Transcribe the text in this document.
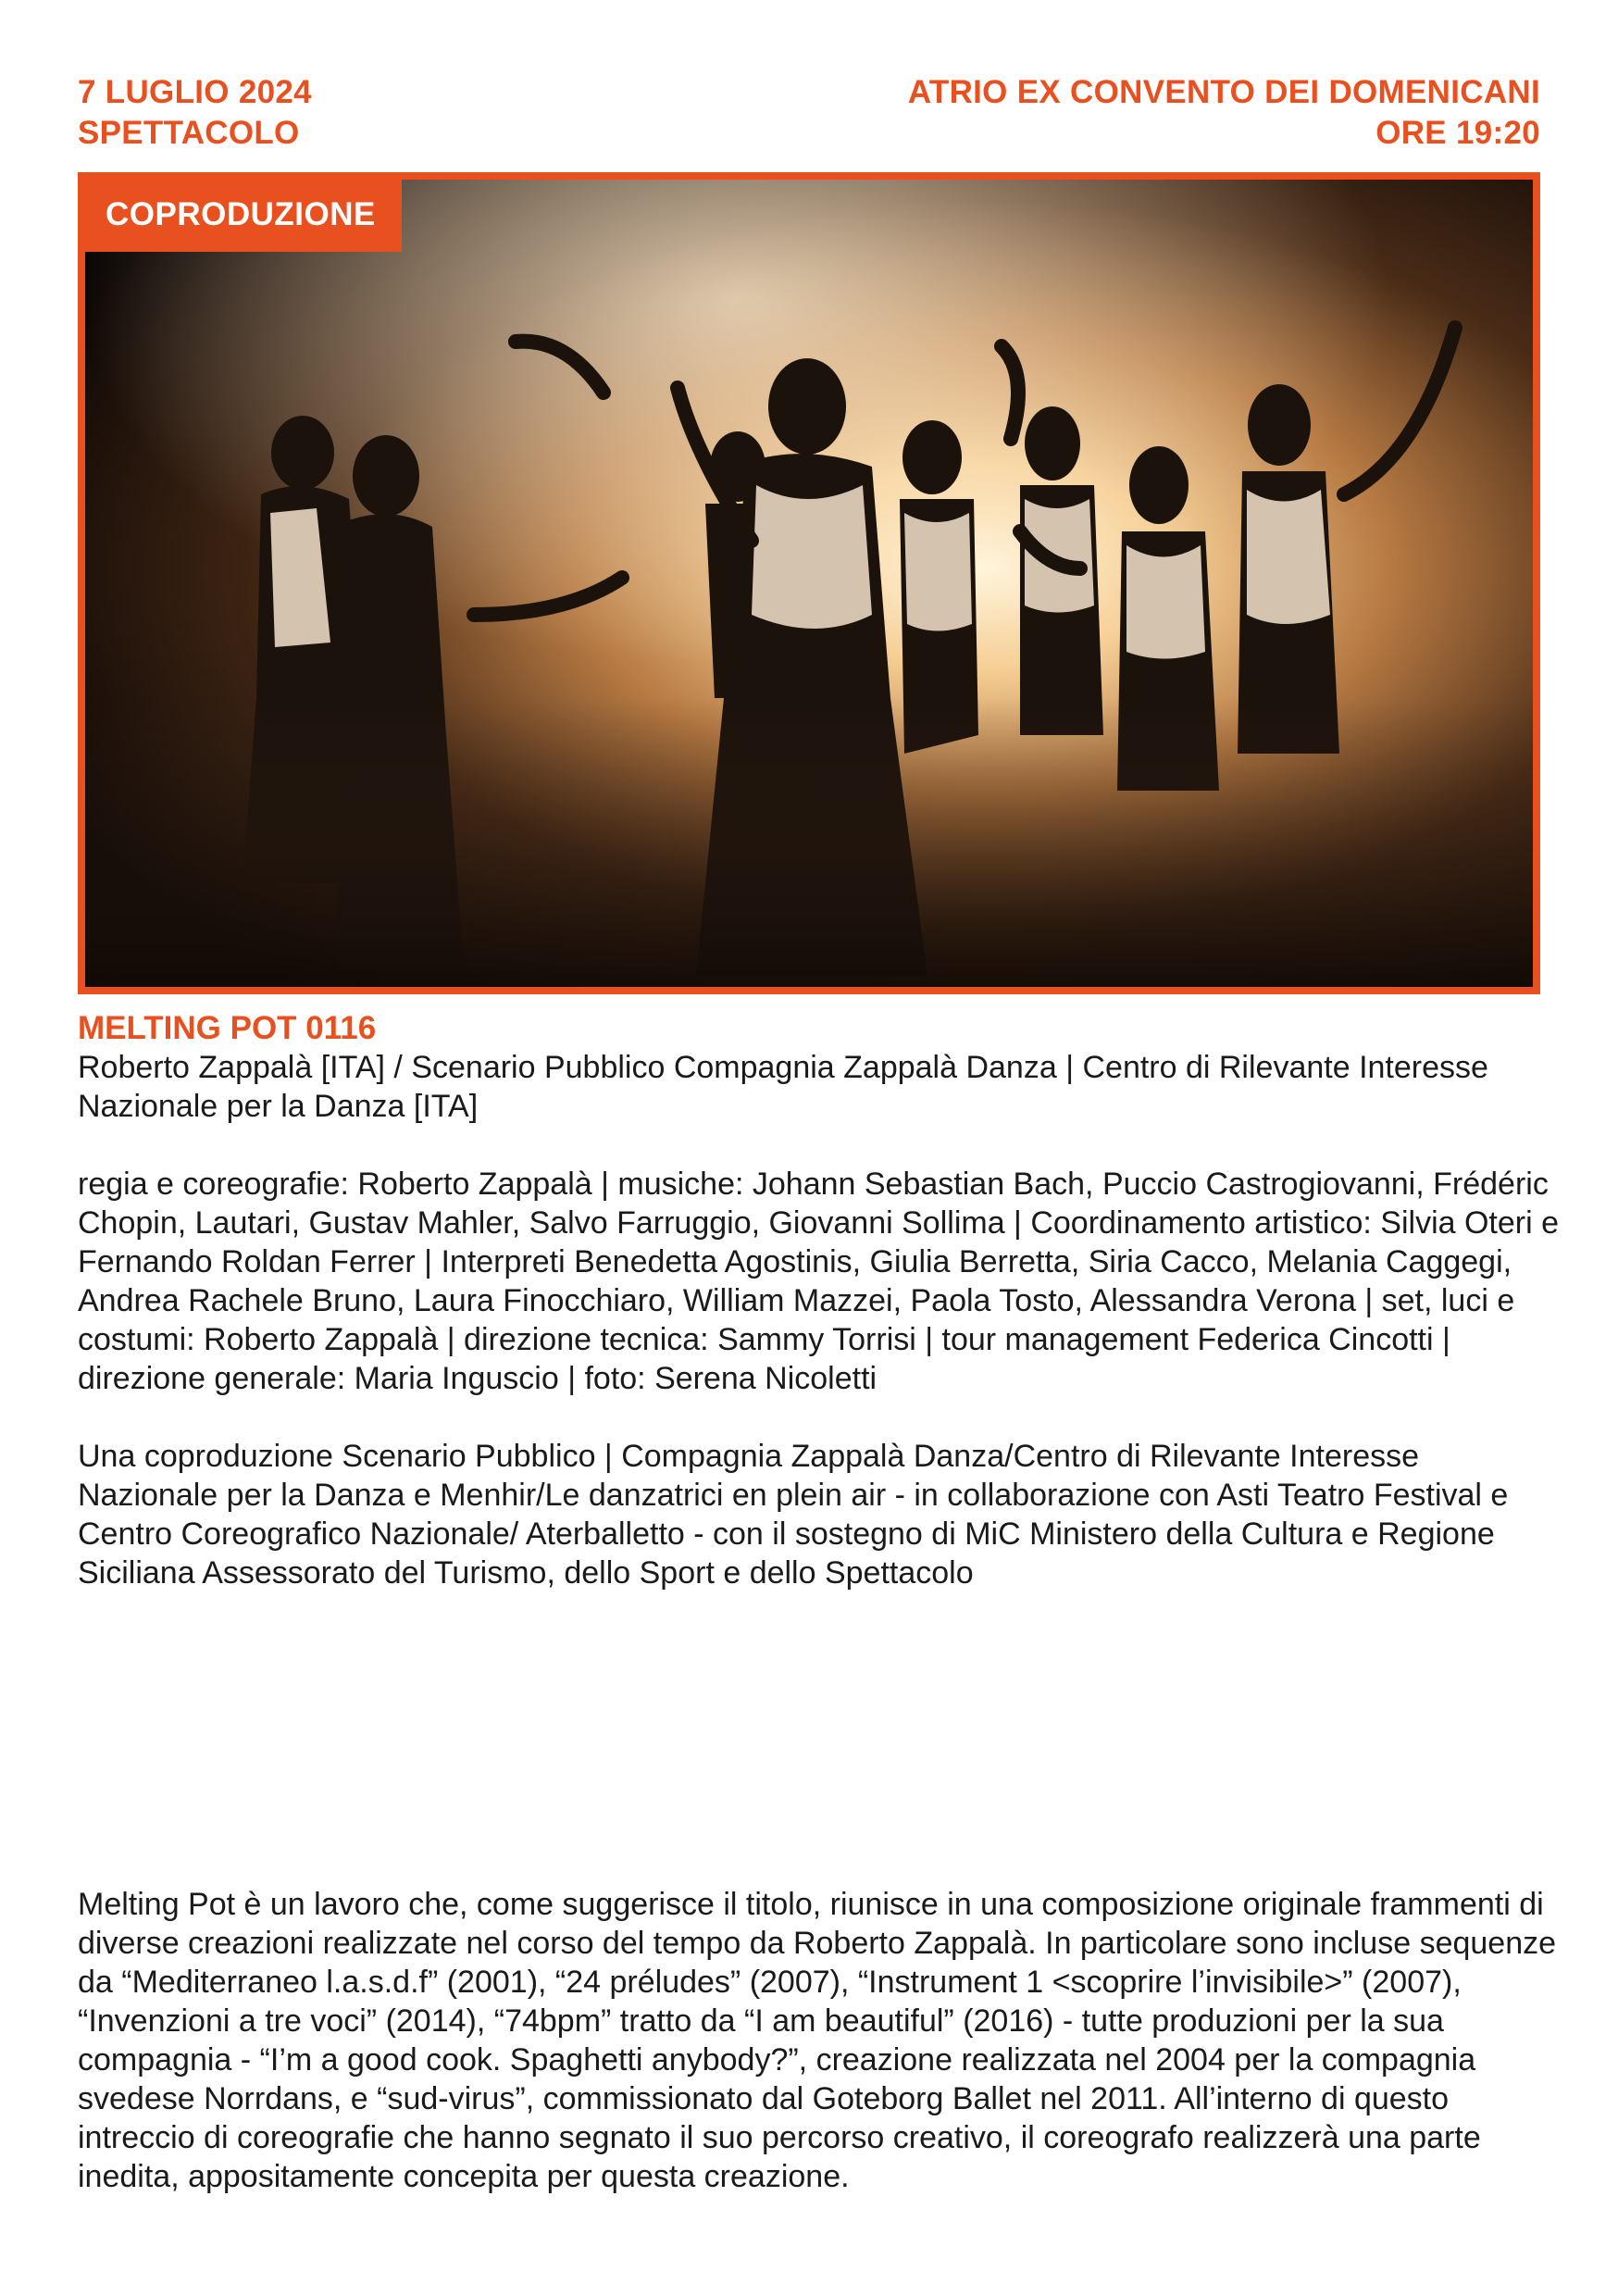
7 LUGLIO 2024
SPETTACOLO
ATRIO EX CONVENTO DEI DOMENICANI
ORE 19:20
COPRODUZIONE
MELTING POT 0116

Roberto Zappalà [ITA] / Scenario Pubblico Compagnia Zappalà Danza | Centro di Rilevante Interesse Nazionale per la Danza [ITA]

regia e coreografie: Roberto Zappalà | musiche: Johann Sebastian Bach, Puccio Castrogiovanni, Frédéric Chopin, Lautari, Gustav Mahler, Salvo Farruggio, Giovanni Sollima | Coordinamento artistico: Silvia Oteri e Fernando Roldan Ferrer | Interpreti Benedetta Agostinis, Giulia Berretta, Siria Cacco, Melania Caggegi, Andrea Rachele Bruno, Laura Finocchiaro, William Mazzei, Paola Tosto, Alessandra Verona | set, luci e costumi: Roberto Zappalà | direzione tecnica: Sammy Torrisi | tour management Federica Cincotti | direzione generale: Maria Inguscio | foto: Serena Nicoletti

Una coproduzione Scenario Pubblico | Compagnia Zappalà Danza/Centro di Rilevante Interesse Nazionale per la Danza e Menhir/Le danzatrici en plein air - in collaborazione con Asti Teatro Festival e Centro Coreografico Nazionale/ Aterballetto - con il sostegno di MiC Ministero della Cultura e Regione Siciliana Assessorato del Turismo, dello Sport e dello Spettacolo

Melting Pot è un lavoro che, come suggerisce il titolo, riunisce in una composizione originale frammenti di diverse creazioni realizzate nel corso del tempo da Roberto Zappalà. In particolare sono incluse sequenze da “Mediterraneo l.a.s.d.f” (2001), “24 préludes” (2007), “Instrument 1 <scoprire l’invisibile>” (2007), “Invenzioni a tre voci” (2014), “74bpm” tratto da “I am beautiful” (2016) - tutte produzioni per la sua compagnia - “I’m a good cook. Spaghetti anybody?”, creazione realizzata nel 2004 per la compagnia svedese Norrdans, e “sud-virus”, commissionato dal Goteborg Ballet nel 2011. All’interno di questo intreccio di coreografie che hanno segnato il suo percorso creativo, il coreografo realizzerà una parte inedita, appositamente concepita per questa creazione.
